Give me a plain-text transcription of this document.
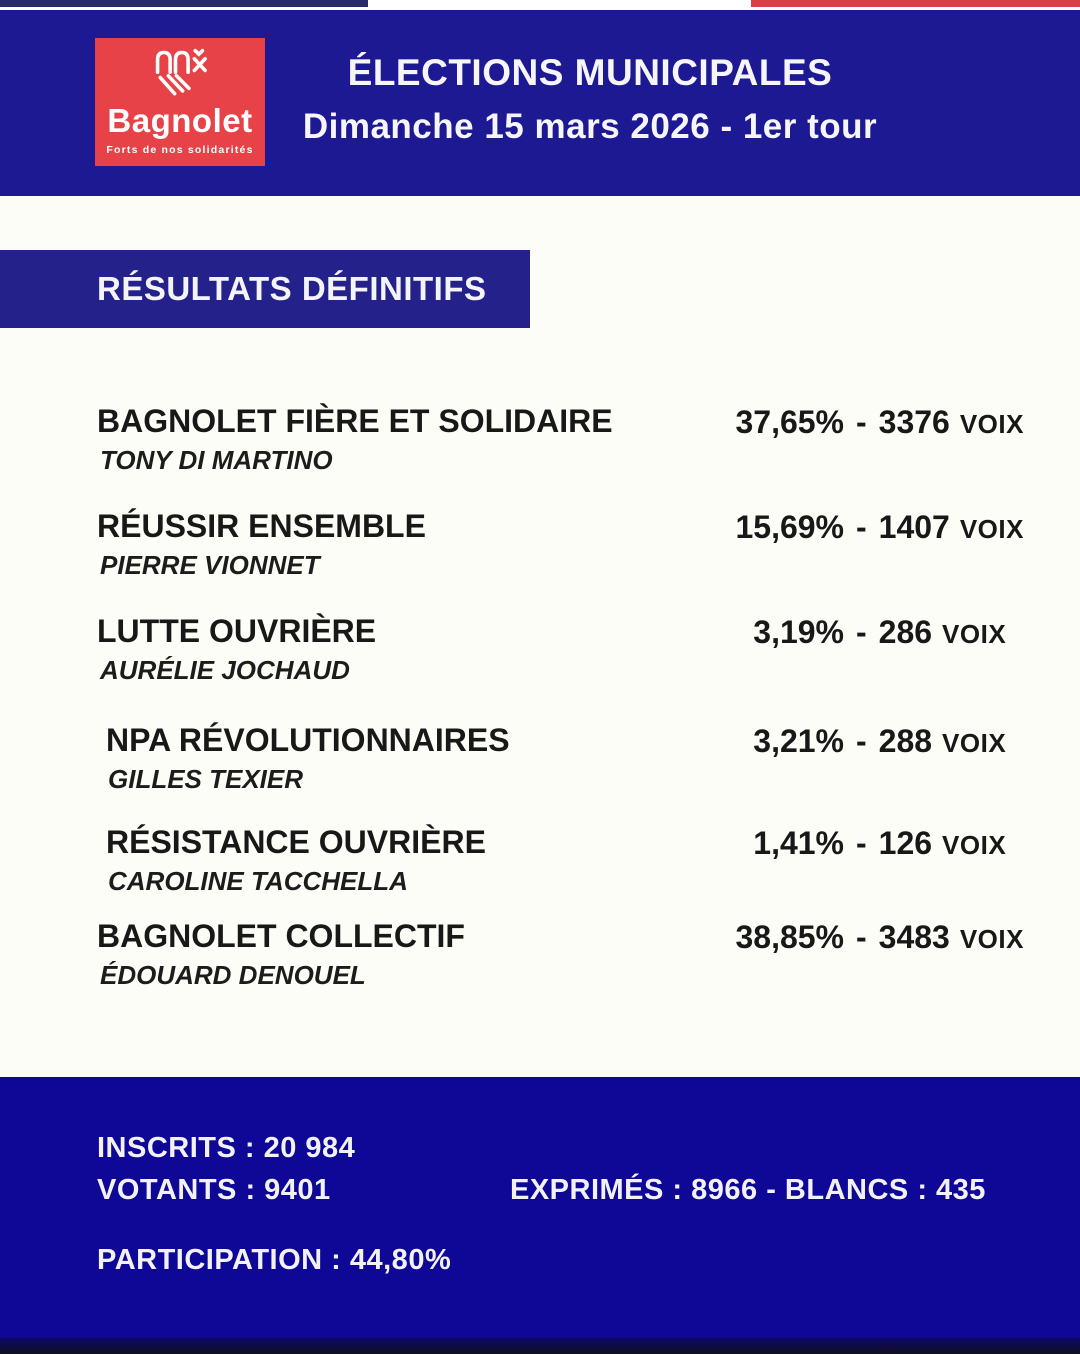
Bagnolet
Forts de nos solidarités
ÉLECTIONS MUNICIPALES
Dimanche 15 mars 2026 - 1er tour
RÉSULTATS DÉFINITIFS
BAGNOLET FIÈRE ET SOLIDAIRE
TONY DI MARTINO
37,65% - 3376 VOIX
RÉUSSIR ENSEMBLE
PIERRE VIONNET
15,69% - 1407 VOIX
LUTTE OUVRIÈRE
AURÉLIE JOCHAUD
3,19% - 286 VOIX
NPA RÉVOLUTIONNAIRES
GILLES TEXIER
3,21% - 288 VOIX
RÉSISTANCE OUVRIÈRE
CAROLINE TACCHELLA
1,41% - 126 VOIX
BAGNOLET COLLECTIF
ÉDOUARD DENOUEL
38,85% - 3483 VOIX
INSCRITS : 20 984
VOTANTS : 9401	EXPRIMÉS : 8966 - BLANCS : 435
PARTICIPATION : 44,80%
